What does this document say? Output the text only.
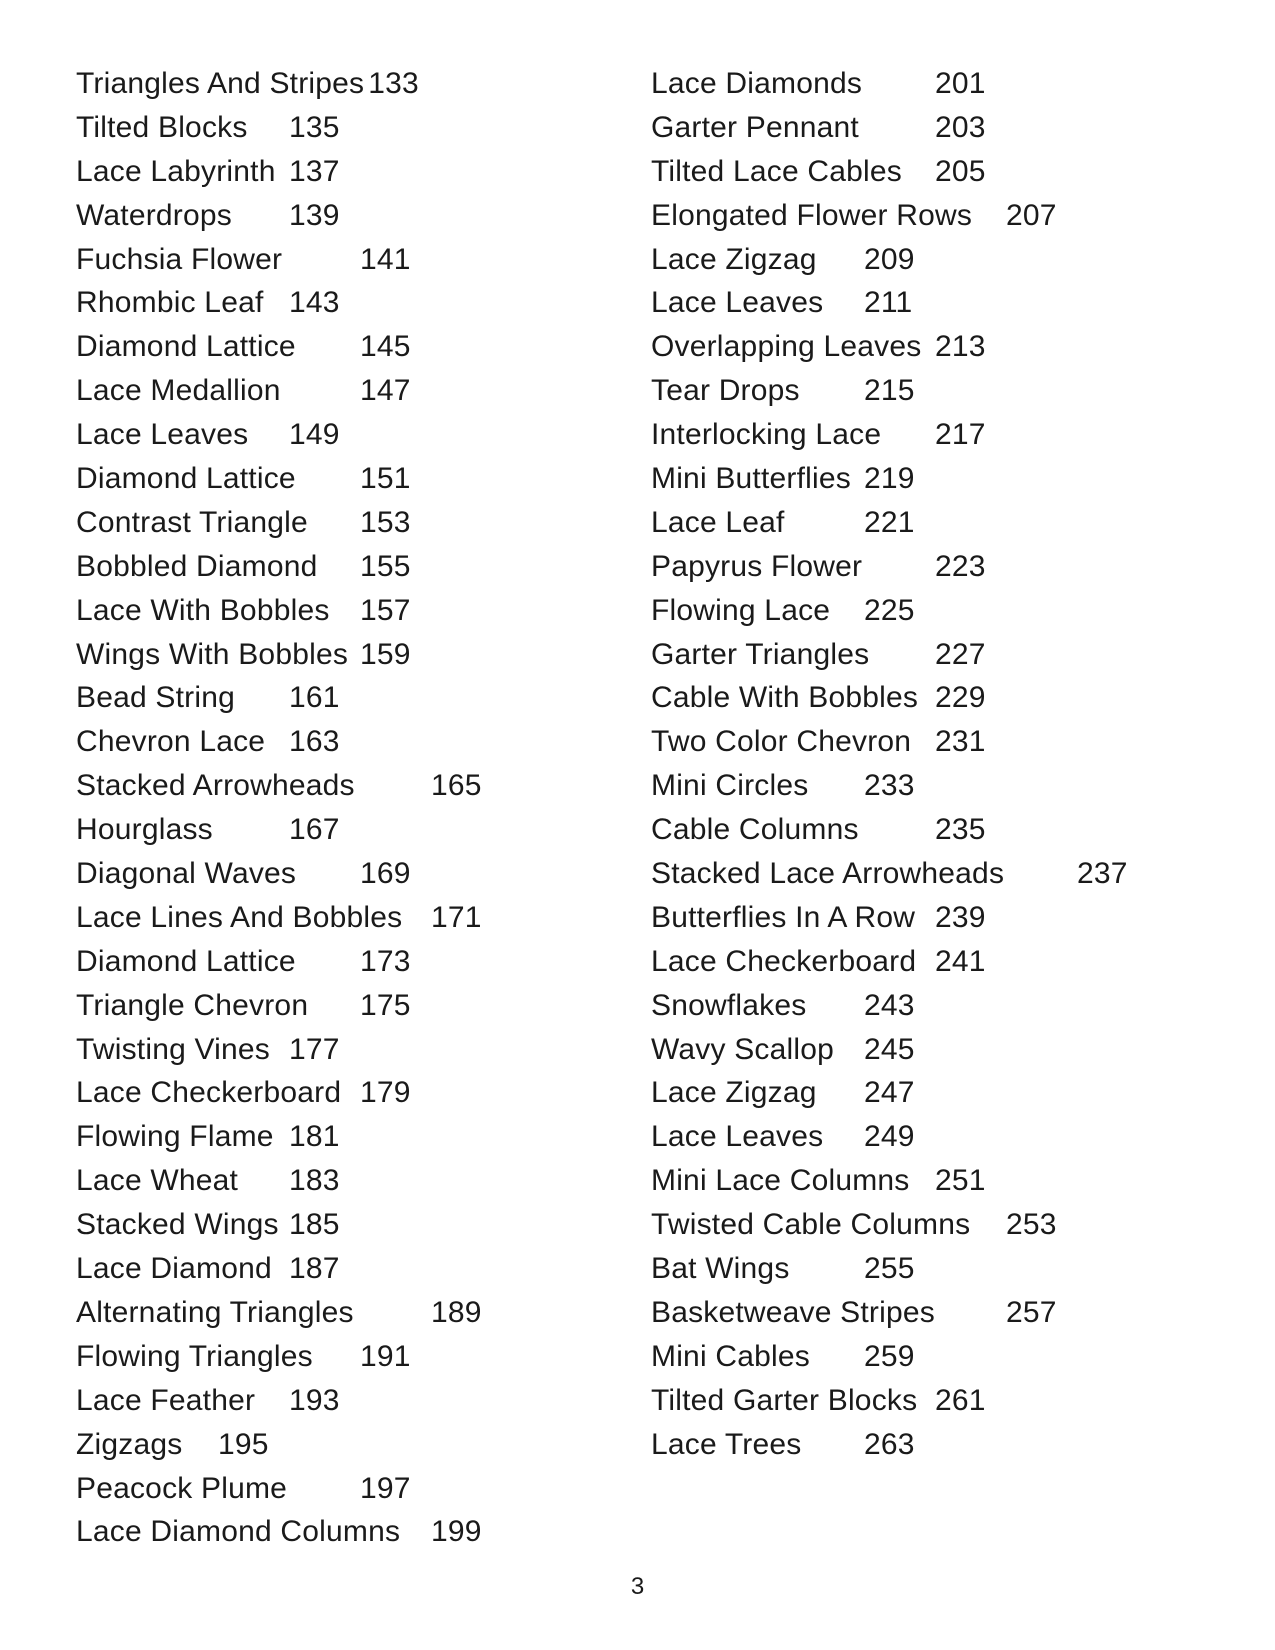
Triangles And Stripes 133
Tilted Blocks 135
Lace Labyrinth 137
Waterdrops 139
Fuchsia Flower	141
Rhombic Leaf 143
Diamond Lattice 145
Lace Medallion	147
Lace Leaves 149
Diamond Lattice 151
Contrast Triangle 153
Bobbled Diamond 155
Lace With Bobbles 157
Wings With Bobbles 159
Bead String 161
Chevron Lace 163
Stacked Arrowheads	165
Hourglass	167
Diagonal Waves 169
Lace Lines And Bobbles 171
Diamond Lattice 173
Triangle Chevron 175
Twisting Vines 177
Lace Checkerboard 179
Flowing Flame 181
Lace Wheat 183
Stacked Wings 185
Lace Diamond 187
Alternating Triangles	189
Flowing Triangles 191
Lace Feather 193
Zigzags 195
Peacock Plume 197
Lace Diamond Columns 199
Lace Diamonds 201
Garter Pennant	203
Tilted Lace Cables 205
Elongated Flower Rows 207
Lace Zigzag 209
Lace Leaves 211
Overlapping Leaves 213
Tear Drops 215
Interlocking Lace 217
Mini Butterflies 219
Lace Leaf	221
Papyrus Flower 223
Flowing Lace 225
Garter Triangles 227
Cable With Bobbles 229
Two Color Chevron 231
Mini Circles 233
Cable Columns	235
Stacked Lace Arrowheads 237
Butterflies In A Row 239
Lace Checkerboard 241
Snowflakes 243
Wavy Scallop 245
Lace Zigzag 247
Lace Leaves 249
Mini Lace Columns 251
Twisted Cable Columns 253
Bat Wings 255
Basketweave Stripes 257
Mini Cables 259
Tilted Garter Blocks 261
Lace Trees 263
3
